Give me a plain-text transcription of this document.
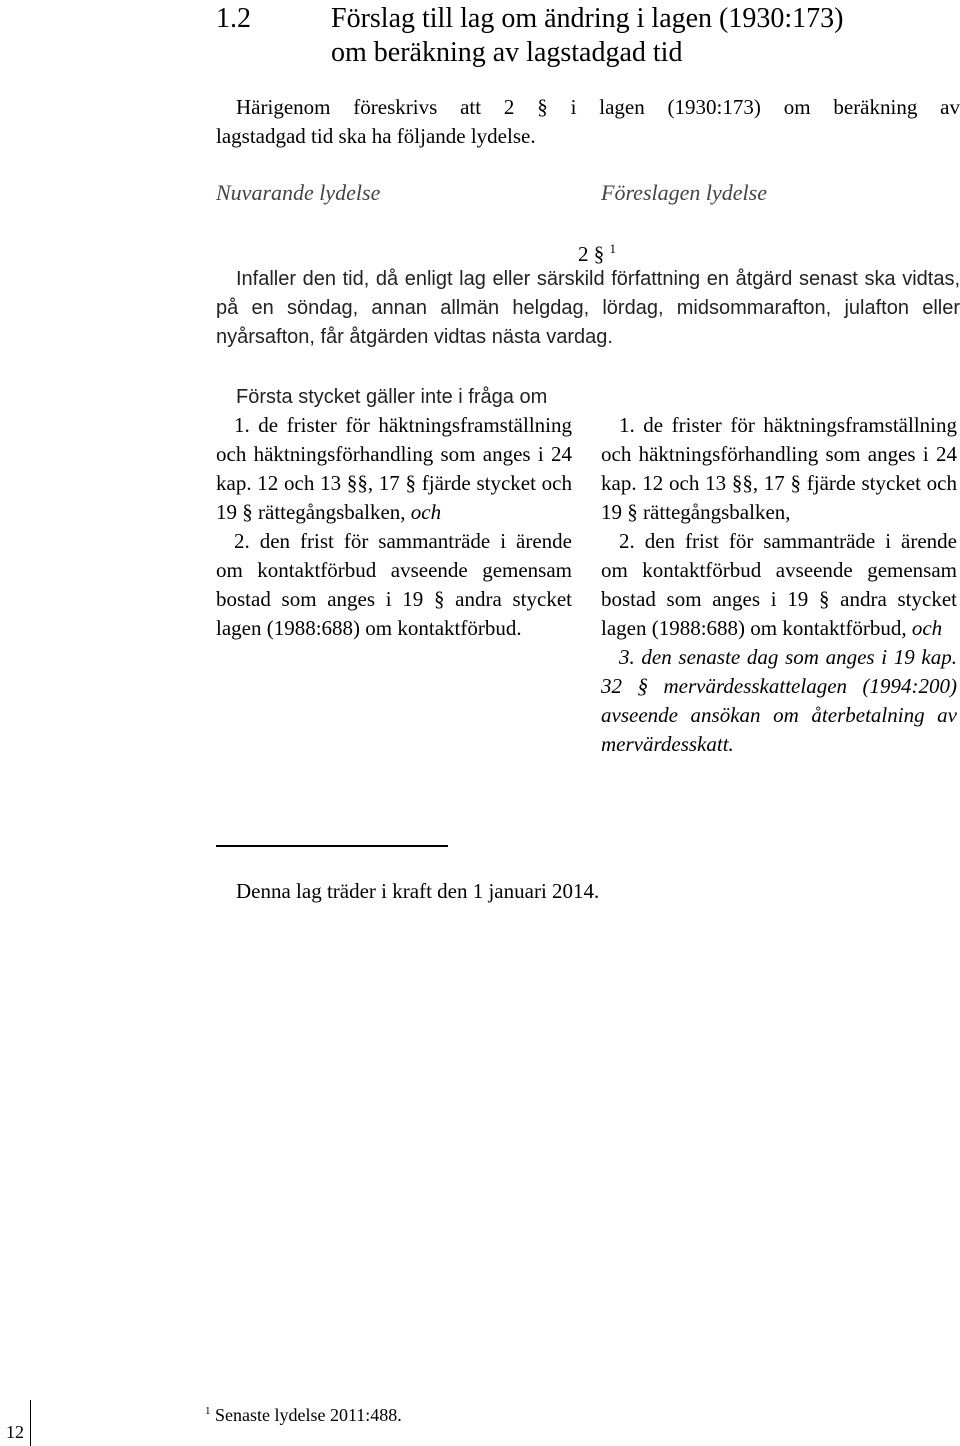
1.2	Förslag till lag om ändring i lagen (1930:173)
om beräkning av lagstadgad tid
Härigenom föreskrivs att 2 § i lagen (1930:173) om beräkning av
lagstadgad tid ska ha följande lydelse.
Nuvarande lydelse	Föreslagen lydelse
2 § $^1$
Infaller den tid, då enligt lag eller särskild författning en åtgärd senast ska vidtas, på en söndag, annan allmän helgdag, lördag, midsommarafton, julafton eller nyårsafton, får åtgärden vidtas nästa vardag.
Första stycket gäller inte i fråga om

1. de frister för häktningsframställning och häktningsförhandling som anges i 24 kap. 12 och 13 §§, 17 § fjärde stycket och 19 § rättegångsbalken, och

2. den frist för sammanträde i ärende om kontaktförbud avseende gemensam bostad som anges i 19 § andra stycket lagen (1988:688) om kontaktförbud.

1. de frister för häktningsframställning och häktningsförhandling som anges i 24 kap. 12 och 13 §§, 17 § fjärde stycket och 19 § rättegångsbalken,

2. den frist för sammanträde i ärende om kontaktförbud avseende gemensam bostad som anges i 19 § andra stycket lagen (1988:688) om kontaktförbud, och

3. den senaste dag som anges i 19 kap. 32 § mervärdesskattelagen (1994:200) avseende ansökan om återbetalning av mervärdesskatt.

Denna lag träder i kraft den 1 januari 2014.
$^1$ Senaste lydelse 2011:488.
12
